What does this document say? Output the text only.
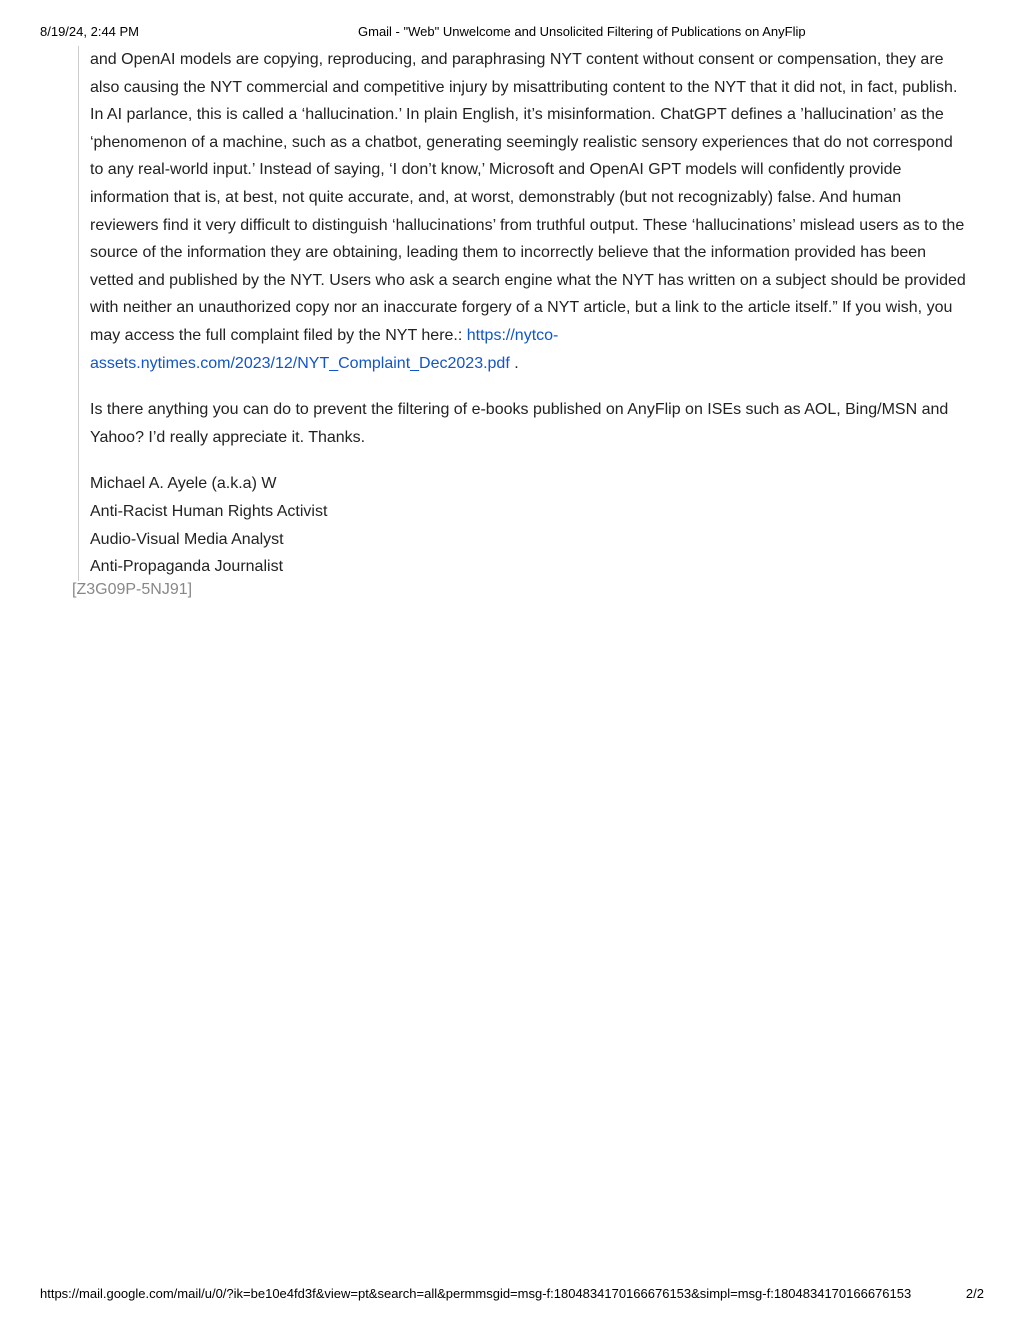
8/19/24, 2:44 PM	Gmail - "Web" Unwelcome and Unsolicited Filtering of Publications on AnyFlip

and OpenAI models are copying, reproducing, and paraphrasing NYT content without consent or compensation, they are also causing the NYT commercial and competitive injury by misattributing content to the NYT that it did not, in fact, publish. In AI parlance, this is called a ‘hallucination.’ In plain English, it’s misinformation. ChatGPT defines a ’hallucination’ as the ‘phenomenon of a machine, such as a chatbot, generating seemingly realistic sensory experiences that do not correspond to any real-world input.’ Instead of saying, ‘I don’t know,’ Microsoft and OpenAI GPT models will confidently provide information that is, at best, not quite accurate, and, at worst, demonstrably (but not recognizably) false. And human reviewers find it very difficult to distinguish ‘hallucinations’ from truthful output. These ‘hallucinations’ mislead users as to the source of the information they are obtaining, leading them to incorrectly believe that the information provided has been vetted and published by the NYT. Users who ask a search engine what the NYT has written on a subject should be provided with neither an unauthorized copy nor an inaccurate forgery of a NYT article, but a link to the article itself.” If you wish, you may access the full complaint filed by the NYT here.: https://nytco-assets.nytimes.com/2023/12/NYT_Complaint_Dec2023.pdf .

Is there anything you can do to prevent the filtering of e-books published on AnyFlip on ISEs such as AOL, Bing/MSN and Yahoo? I’d really appreciate it. Thanks.

Michael A. Ayele (a.k.a) W
Anti-Racist Human Rights Activist
Audio-Visual Media Analyst
Anti-Propaganda Journalist
[Z3G09P-5NJ91]
https://mail.google.com/mail/u/0/?ik=be10e4fd3f&view=pt&search=all&permmsgid=msg-f:1804834170166676153&simpl=msg-f:1804834170166676153	2/2
